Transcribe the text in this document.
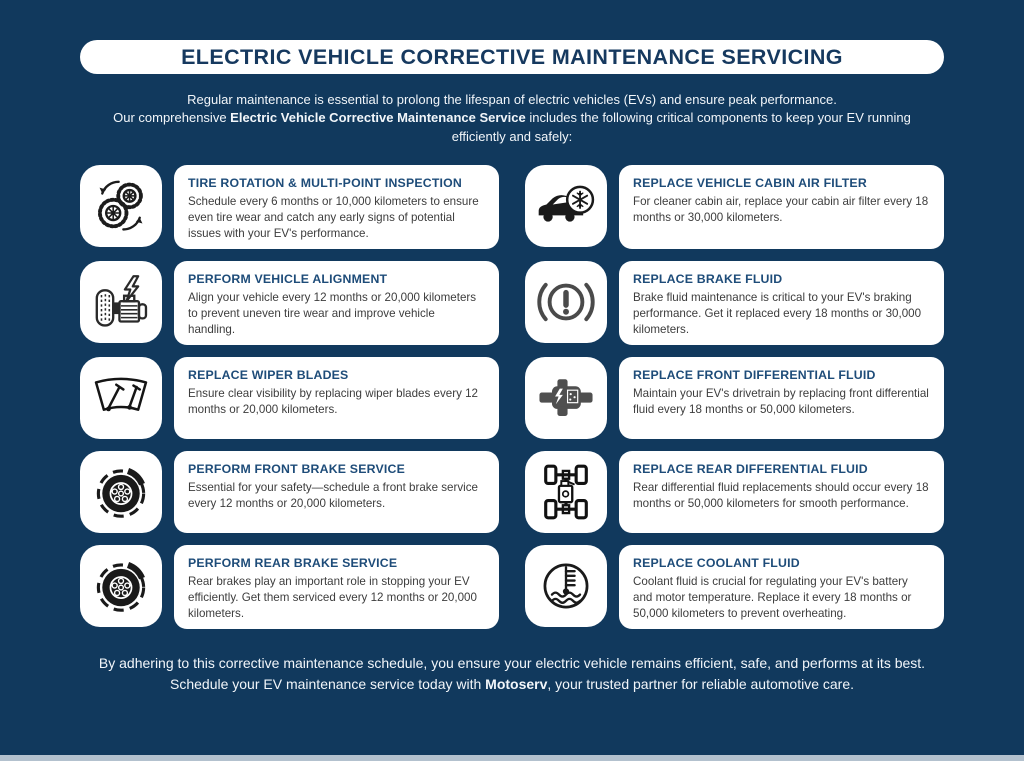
ELECTRIC VEHICLE CORRECTIVE MAINTENANCE SERVICING

Regular maintenance is essential to prolong the lifespan of electric vehicles (EVs) and ensure peak performance.
Our comprehensive Electric Vehicle Corrective Maintenance Service includes the following critical components to keep your EV running efficiently and safely:

TIRE ROTATION & MULTI-POINT INSPECTION

Schedule every 6 months or 10,000 kilometers to ensure even tire wear and catch any early signs of potential issues with your EV's performance.

REPLACE VEHICLE CABIN AIR FILTER

For cleaner cabin air, replace your cabin air filter every 18 months or 30,000 kilometers.

PERFORM VEHICLE ALIGNMENT

Align your vehicle every 12 months or 20,000 kilometers to prevent uneven tire wear and improve vehicle handling.

REPLACE BRAKE FLUID

Brake fluid maintenance is critical to your EV's braking performance. Get it replaced every 18 months or 30,000 kilometers.

REPLACE WIPER BLADES

Ensure clear visibility by replacing wiper blades every 12 months or 20,000 kilometers.

REPLACE FRONT DIFFERENTIAL FLUID

Maintain your EV's drivetrain by replacing front differential fluid every 18 months or 50,000 kilometers.

PERFORM FRONT BRAKE SERVICE

Essential for your safety—schedule a front brake service every 12 months or 20,000 kilometers.

REPLACE REAR DIFFERENTIAL FLUID

Rear differential fluid replacements should occur every 18 months or 50,000 kilometers for smooth performance.

PERFORM REAR BRAKE SERVICE

Rear brakes play an important role in stopping your EV efficiently. Get them serviced every 12 months or 20,000 kilometers.

REPLACE COOLANT FLUID

Coolant fluid is crucial for regulating your EV's battery and motor temperature. Replace it every 18 months or 50,000 kilometers to prevent overheating.

By adhering to this corrective maintenance schedule, you ensure your electric vehicle remains efficient, safe, and performs at its best.
Schedule your EV maintenance service today with Motoserv, your trusted partner for reliable automotive care.
